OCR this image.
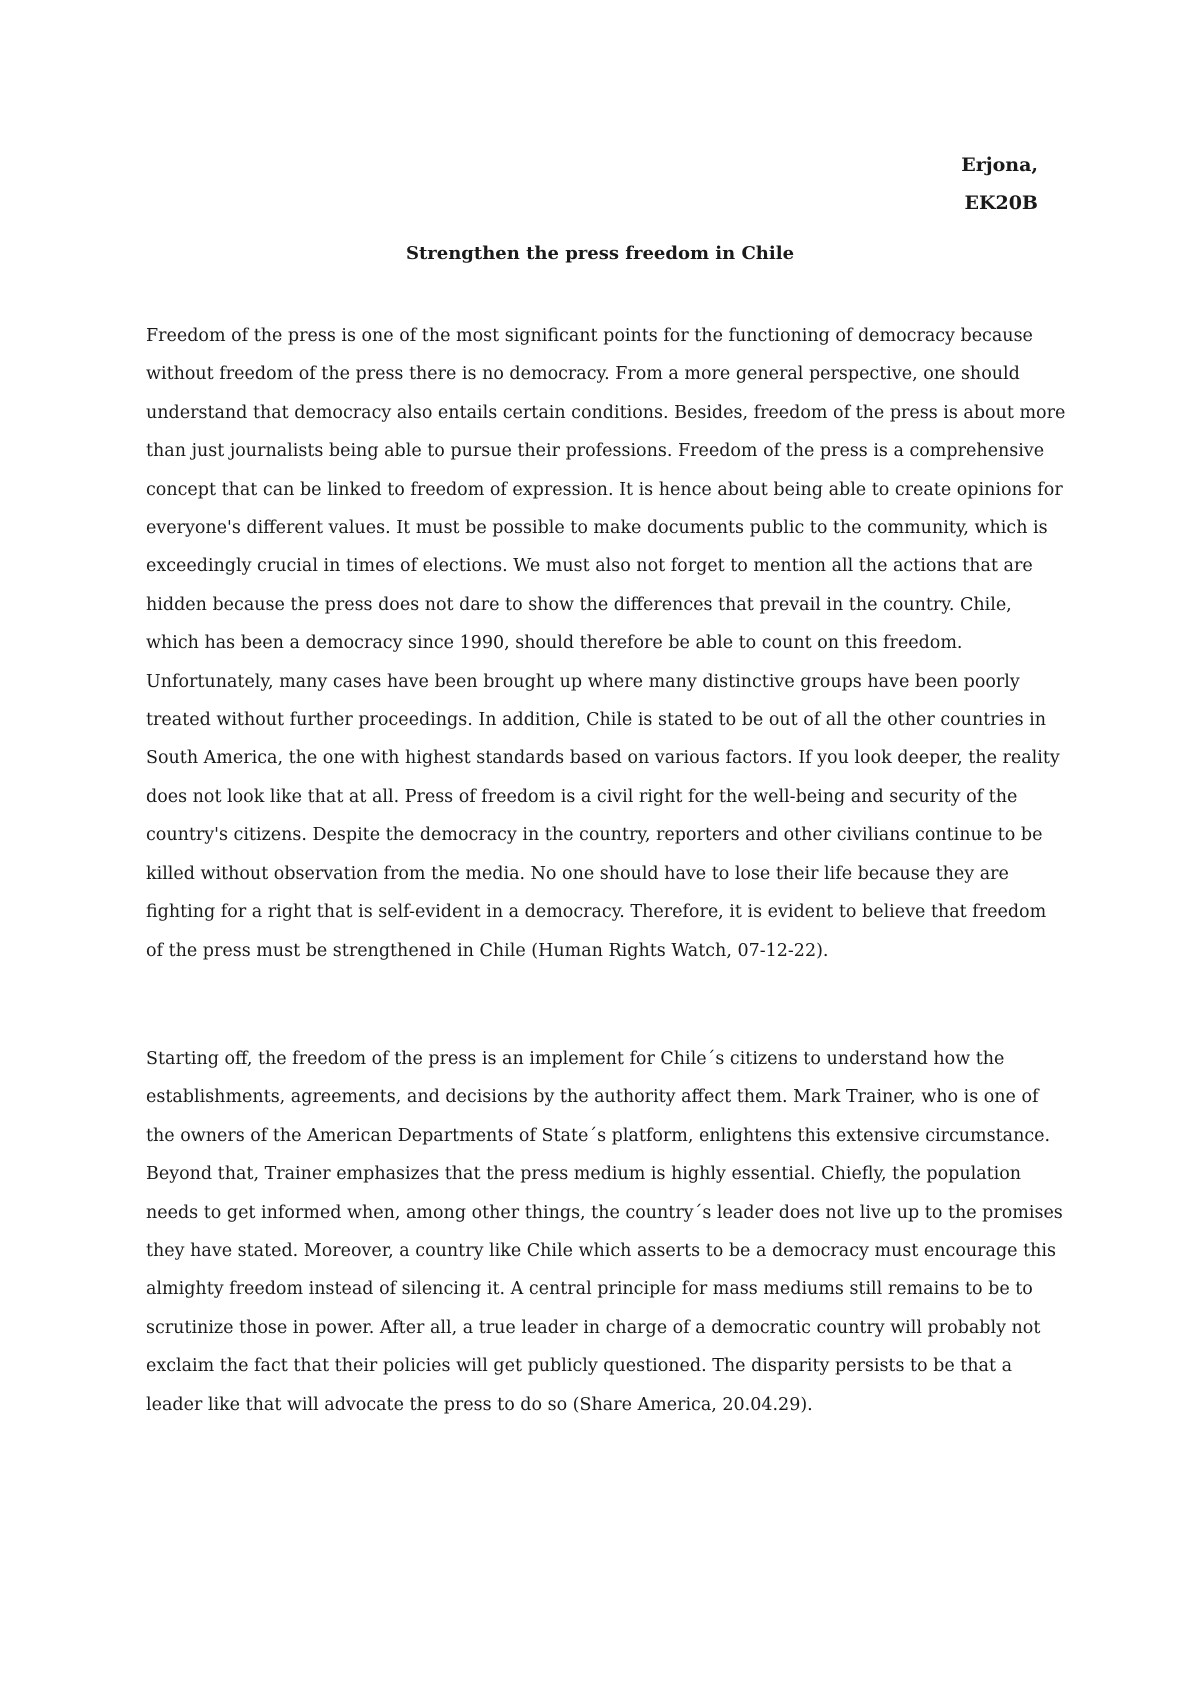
Erjona,
EK20B
Strengthen the press freedom in Chile

Freedom of the press is one of the most significant points for the functioning of democracy because
without freedom of the press there is no democracy. From a more general perspective, one should
understand that democracy also entails certain conditions. Besides, freedom of the press is about more
than just journalists being able to pursue their professions. Freedom of the press is a comprehensive
concept that can be linked to freedom of expression. It is hence about being able to create opinions for
everyone's different values. It must be possible to make documents public to the community, which is
exceedingly crucial in times of elections. We must also not forget to mention all the actions that are
hidden because the press does not dare to show the differences that prevail in the country. Chile,
which has been a democracy since 1990, should therefore be able to count on this freedom.
Unfortunately, many cases have been brought up where many distinctive groups have been poorly
treated without further proceedings. In addition, Chile is stated to be out of all the other countries in
South America, the one with highest standards based on various factors. If you look deeper, the reality
does not look like that at all. Press of freedom is a civil right for the well-being and security of the
country's citizens. Despite the democracy in the country, reporters and other civilians continue to be
killed without observation from the media. No one should have to lose their life because they are
fighting for a right that is self-evident in a democracy. Therefore, it is evident to believe that freedom
of the press must be strengthened in Chile (Human Rights Watch, 07-12-22).

Starting off, the freedom of the press is an implement for Chile´s citizens to understand how the
establishments, agreements, and decisions by the authority affect them. Mark Trainer, who is one of
the owners of the American Departments of State´s platform, enlightens this extensive circumstance.
Beyond that, Trainer emphasizes that the press medium is highly essential. Chiefly, the population
needs to get informed when, among other things, the country´s leader does not live up to the promises
they have stated. Moreover, a country like Chile which asserts to be a democracy must encourage this
almighty freedom instead of silencing it. A central principle for mass mediums still remains to be to
scrutinize those in power. After all, a true leader in charge of a democratic country will probably not
exclaim the fact that their policies will get publicly questioned. The disparity persists to be that a
leader like that will advocate the press to do so (Share America, 20.04.29).
